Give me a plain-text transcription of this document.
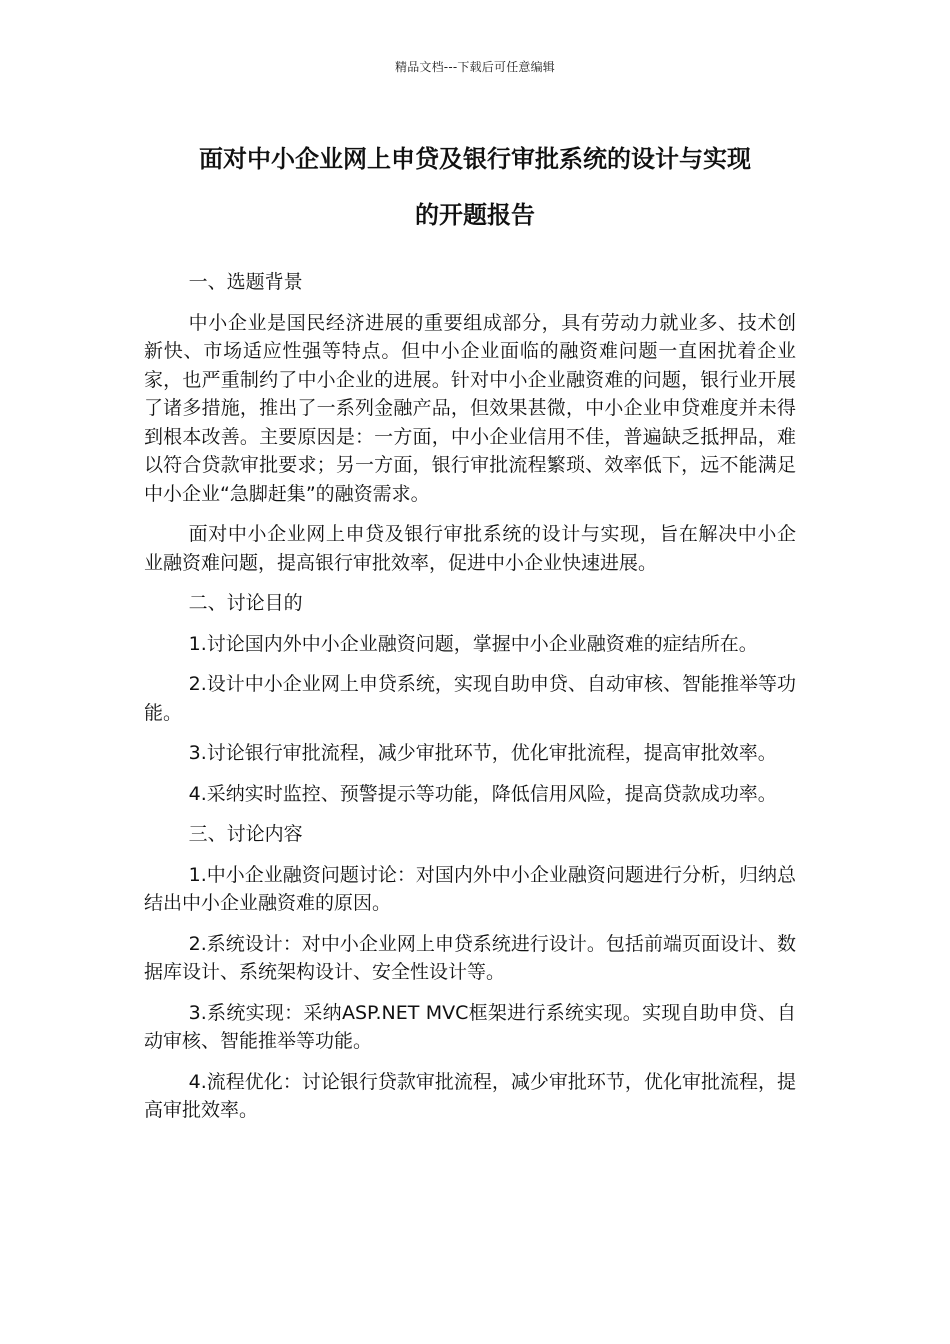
精品文档---下载后可任意编辑
面对中小企业网上申贷及银行审批系统的设计与实现
的开题报告

一、选题背景

中小企业是国民经济进展的重要组成部分，具有劳动力就业多、技术创新快、市场适应性强等特点。但中小企业面临的融资难问题一直困扰着企业家，也严重制约了中小企业的进展。针对中小企业融资难的问题，银行业开展了诸多措施，推出了一系列金融产品，但效果甚微，中小企业申贷难度并未得到根本改善。主要原因是：一方面，中小企业信用不佳，普遍缺乏抵押品，难以符合贷款审批要求；另一方面，银行审批流程繁琐、效率低下，远不能满足中小企业“急脚赶集”的融资需求。

面对中小企业网上申贷及银行审批系统的设计与实现，旨在解决中小企业融资难问题，提高银行审批效率，促进中小企业快速进展。

二、讨论目的

1.讨论国内外中小企业融资问题，掌握中小企业融资难的症结所在。

2.设计中小企业网上申贷系统，实现自助申贷、自动审核、智能推举等功能。

3.讨论银行审批流程，减少审批环节，优化审批流程，提高审批效率。

4.采纳实时监控、预警提示等功能，降低信用风险，提高贷款成功率。

三、讨论内容

1.中小企业融资问题讨论：对国内外中小企业融资问题进行分析，归纳总结出中小企业融资难的原因。

2.系统设计：对中小企业网上申贷系统进行设计。包括前端页面设计、数据库设计、系统架构设计、安全性设计等。

3.系统实现：采纳ASP.NET MVC框架进行系统实现。实现自助申贷、自动审核、智能推举等功能。

4.流程优化：讨论银行贷款审批流程，减少审批环节，优化审批流程，提高审批效率。
